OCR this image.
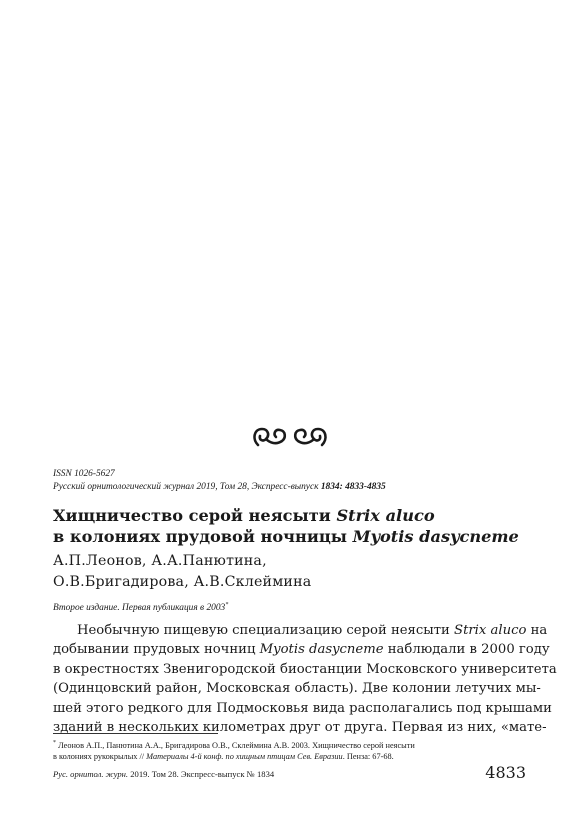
ISSN 1026-5627
Русский орнитологический журнал 2019, Том 28, Экспресс-выпуск 1834: 4833-4835
Хищничество серой неясыти Strix aluco
в колониях прудовой ночницы Myotis dasycneme
А.П.Леонов, А.А.Панютина,
О.В.Бригадирова, А.В.Склеймина
Второе издание. Первая публикация в 2003*
Необычную пищевую специализацию серой неясыти Strix aluco на
добывании прудовых ночниц Myotis dasycneme наблюдали в 2000 году
в окрестностях Звенигородской биостанции Московского университета
(Одинцовский район, Московская область). Две колонии летучих мы-
шей этого редкого для Подмосковья вида располагались под крышами
зданий в нескольких километрах друг от друга. Первая из них, «мате-
* Леонов А.П., Панютина А.А., Бригадирова О.В., Склеймина А.В. 2003. Хищничество серой неясыти
в колониях рукокрылых // Материалы 4-й конф. по хищным птицам Сев. Евразии. Пенза: 67-68.
Рус. орнитол. журн. 2019. Том 28. Экспресс-выпуск № 1834	4833
